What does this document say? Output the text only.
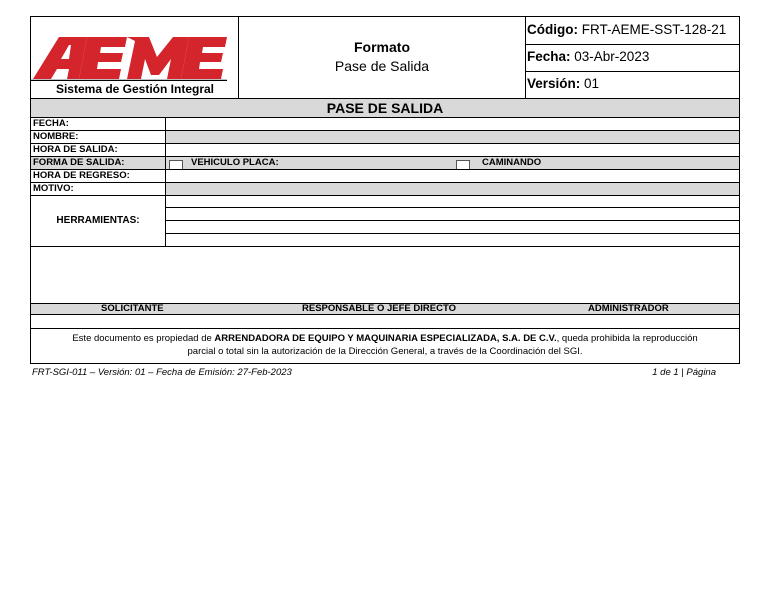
Sistema de Gestión Integral
Formato
Pase de Salida
Código: FRT-AEME-SST-128-21
Fecha: 03-Abr-2023
Versión: 01
PASE DE SALIDA
FECHA:
NOMBRE:
HORA DE SALIDA:
FORMA DE SALIDA:	VEHICULO PLACA:	CAMINANDO
HORA DE REGRESO:
MOTIVO:
HERRAMIENTAS:
SOLICITANTE	RESPONSABLE O JEFE DIRECTO	ADMINISTRADOR
Este documento es propiedad de ARRENDADORA DE EQUIPO Y MAQUINARIA ESPECIALIZADA, S.A. DE C.V., queda prohibida la reproducción
parcial o total sin la autorización de la Dirección General, a través de la Coordinación del SGI.
FRT-SGI-011 – Versión: 01 – Fecha de Emisión: 27-Feb-2023	1 de 1 | Página
